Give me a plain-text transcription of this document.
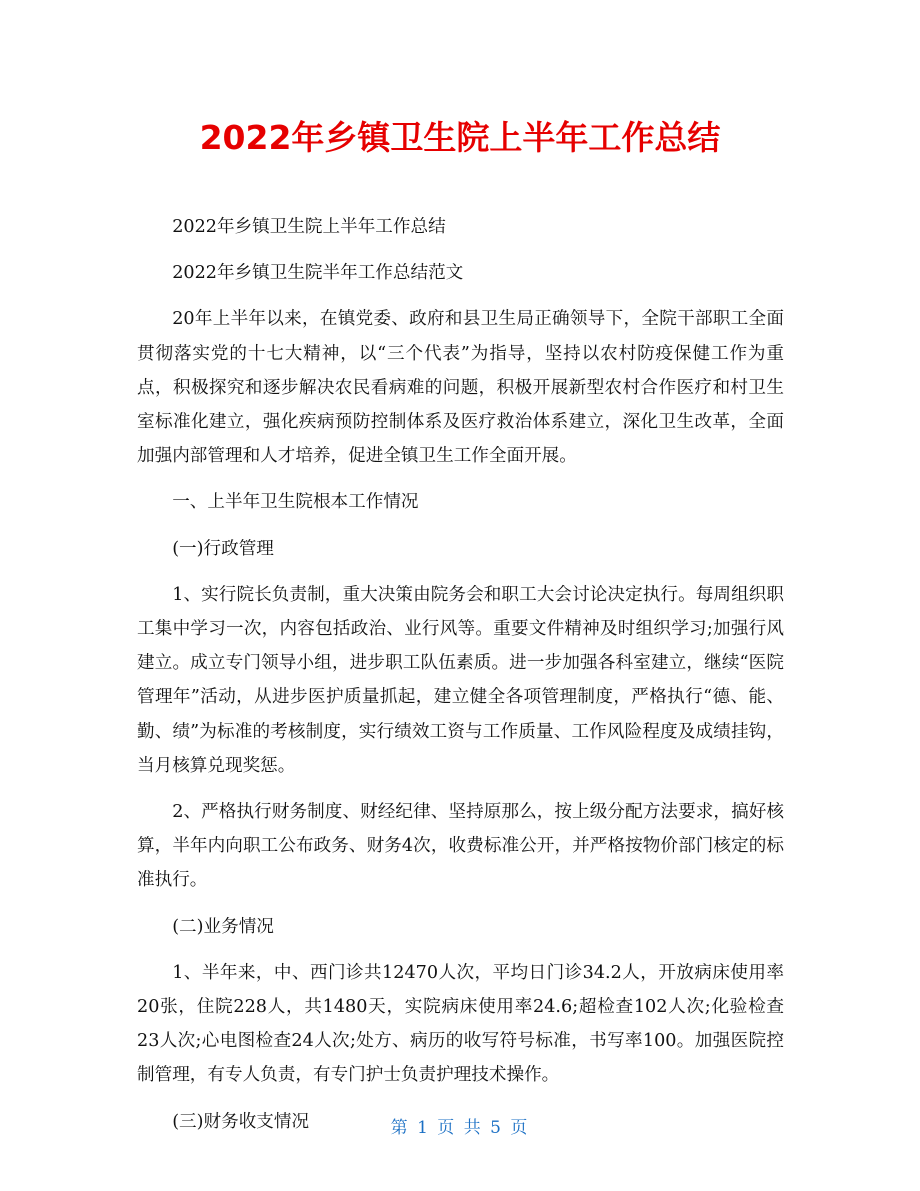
2022年乡镇卫生院上半年工作总结

2022年乡镇卫生院上半年工作总结

2022年乡镇卫生院半年工作总结范文

20年上半年以来，在镇党委、政府和县卫生局正确领导下，全院干部职工全面贯彻落实党的十七大精神，以“三个代表”为指导，坚持以农村防疫保健工作为重点，积极探究和逐步解决农民看病难的问题，积极开展新型农村合作医疗和村卫生室标准化建立，强化疾病预防控制体系及医疗救治体系建立，深化卫生改革，全面加强内部管理和人才培养，促进全镇卫生工作全面开展。

一、上半年卫生院根本工作情况

(一)行政管理

1、实行院长负责制，重大决策由院务会和职工大会讨论决定执行。每周组织职工集中学习一次，内容包括政治、业行风等。重要文件精神及时组织学习;加强行风建立。成立专门领导小组，进步职工队伍素质。进一步加强各科室建立，继续“医院管理年”活动，从进步医护质量抓起，建立健全各项管理制度，严格执行“德、能、勤、绩”为标准的考核制度，实行绩效工资与工作质量、工作风险程度及成绩挂钩，当月核算兑现奖惩。

2、严格执行财务制度、财经纪律、坚持原那么，按上级分配方法要求，搞好核算，半年内向职工公布政务、财务4次，收费标准公开，并严格按物价部门核定的标准执行。

(二)业务情况

1、半年来，中、西门诊共12470人次，平均日门诊34.2人，开放病床使用率20张，住院228人，共1480天，实院病床使用率24.6;超检查102人次;化验检查23人次;心电图检查24人次;处方、病历的收写符号标准，书写率100。加强医院控制管理，有专人负责，有专门护士负责护理技术操作。

(三)财务收支情况	第 1 页 共 5 页
